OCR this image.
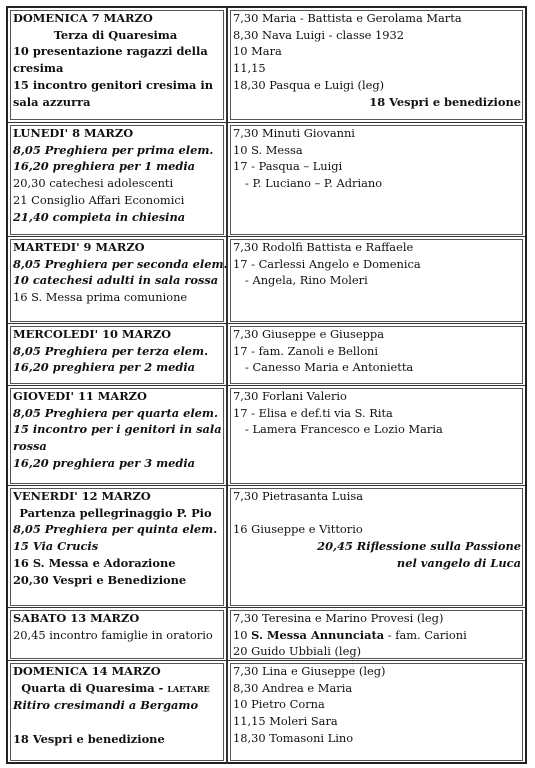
DOMENICA 7 MARZO
Terza di Quaresima
10 presentazione ragazzi della
cresima
15 incontro genitori cresima in
sala azzurra
7,30 Maria - Battista e Gerolama Marta
8,30 Nava Luigi - classe 1932
10 Mara
11,15
18,30 Pasqua e Luigi (leg)
18 Vespri e benedizione
LUNEDI' 8 MARZO
8,05 Preghiera per prima elem.
16,20 preghiera per 1 media
20,30 catechesi adolescenti
21 Consiglio Affari Economici
21,40 compieta in chiesina
7,30 Minuti Giovanni
10 S. Messa
17 - Pasqua – Luigi
- P. Luciano – P. Adriano
MARTEDI' 9 MARZO
8,05 Preghiera per seconda elem.
10 catechesi adulti in sala rossa
16 S. Messa prima comunione
7,30 Rodolfi Battista e Raffaele
17 - Carlessi Angelo e Domenica
- Angela, Rino Moleri
MERCOLEDI' 10 MARZO
8,05 Preghiera per terza elem.
16,20 preghiera per 2 media
7,30 Giuseppe e Giuseppa
17 - fam. Zanoli e Belloni
- Canesso Maria e Antonietta
GIOVEDI' 11 MARZO
8,05 Preghiera per quarta elem.
15 incontro per i genitori in sala
rossa
16,20 preghiera per 3 media
7,30 Forlani Valerio
17 - Elisa e def.ti via S. Rita
- Lamera Francesco e Lozio Maria
VENERDI' 12 MARZO
Partenza pellegrinaggio P. Pio
8,05 Preghiera per quinta elem.
15 Via Crucis
16 S. Messa e Adorazione
20,30 Vespri e Benedizione
7,30 Pietrasanta Luisa

16 Giuseppe e Vittorio
20,45 Riflessione sulla Passione
nel vangelo di Luca
SABATO 13 MARZO
20,45 incontro famiglie in oratorio
7,30 Teresina e Marino Provesi (leg)
10 S. Messa Annunciata - fam. Carioni
20 Guido Ubbiali (leg)
DOMENICA 14 MARZO
Quarta di Quaresima - LAETARE
Ritiro cresimandi a Bergamo

18 Vespri e benedizione
7,30 Lina e Giuseppe (leg)
8,30 Andrea e Maria
10 Pietro Corna
11,15 Moleri Sara
18,30 Tomasoni Lino
